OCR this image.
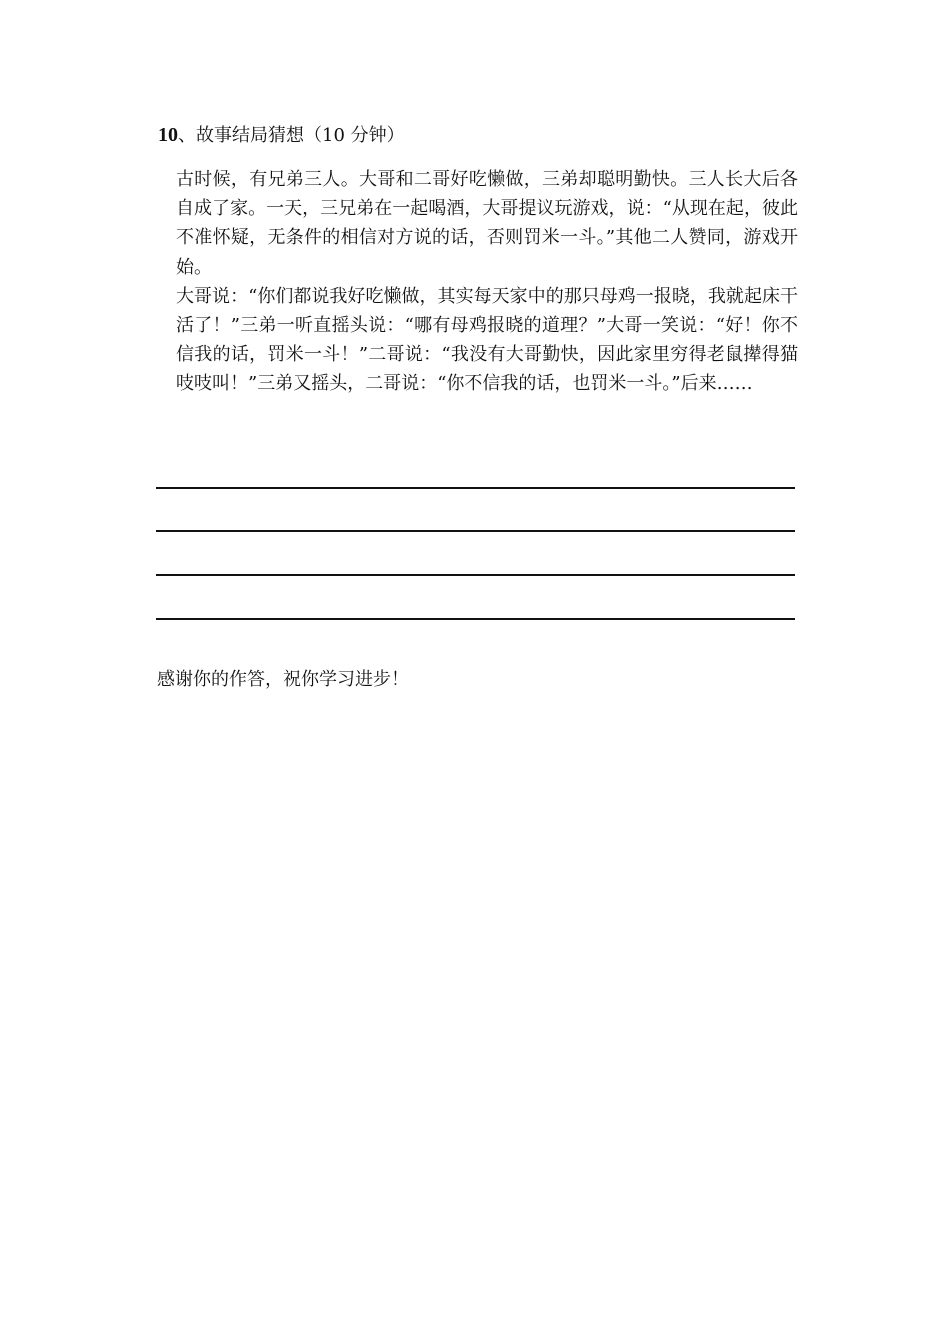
10、故事结局猜想（10 分钟）

古时候，有兄弟三人。大哥和二哥好吃懒做，三弟却聪明勤快。三人长大后各自成了家。一天，三兄弟在一起喝酒，大哥提议玩游戏，说：“从现在起，彼此不准怀疑，无条件的相信对方说的话，否则罚米一斗。”其他二人赞同，游戏开始。

大哥说：“你们都说我好吃懒做，其实每天家中的那只母鸡一报晓，我就起床干活了！”三弟一听直摇头说：“哪有母鸡报晓的道理？”大哥一笑说：“好！你不信我的话，罚米一斗！”二哥说：“我没有大哥勤快，因此家里穷得老鼠撵得猫吱吱叫！”三弟又摇头，二哥说：“你不信我的话，也罚米一斗。”后来……

感谢你的作答，祝你学习进步！
